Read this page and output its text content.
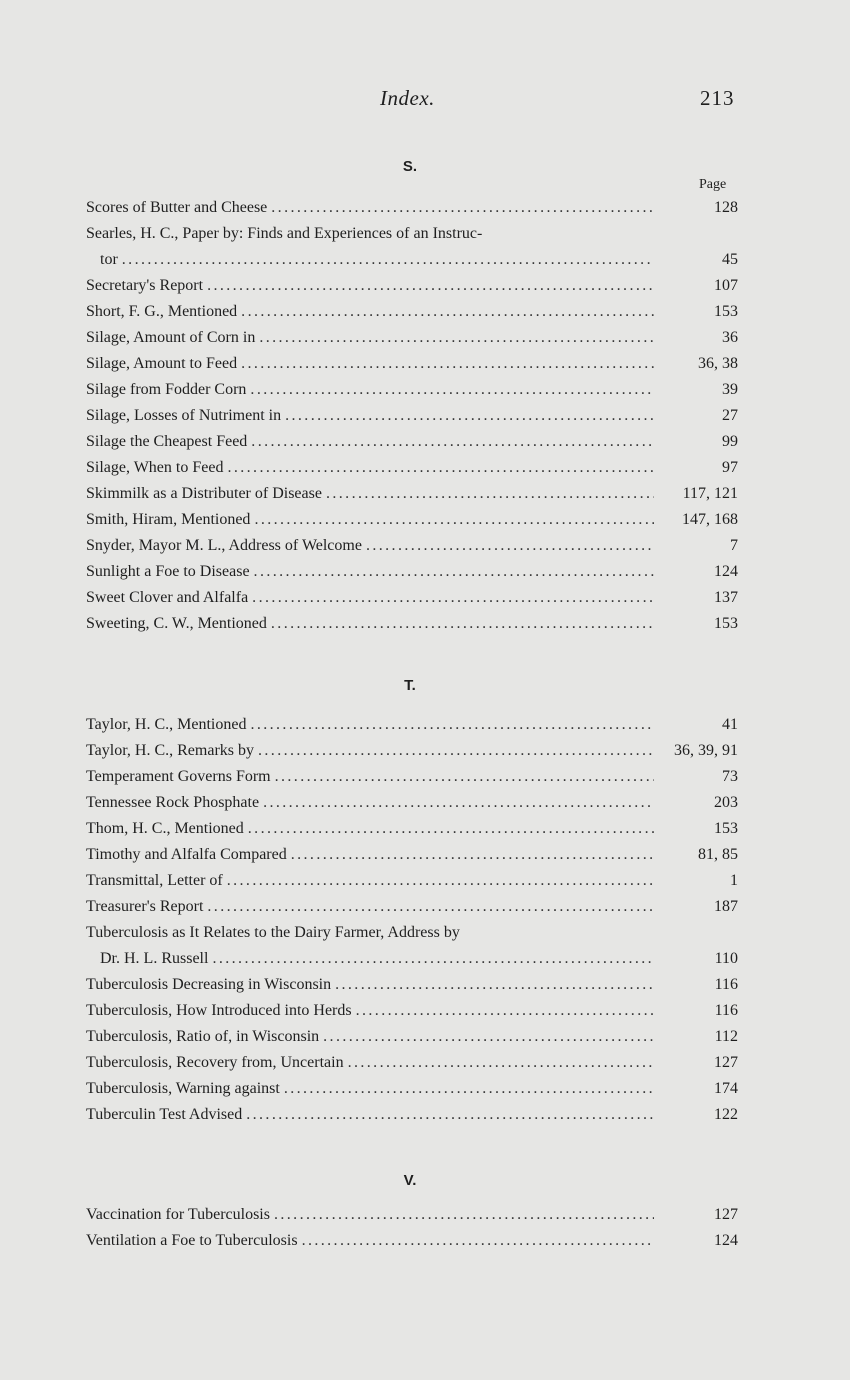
Index.	213
S.
Page
Scores of Butter and Cheese .....	128
Searles, H. C., Paper by: Finds and Experiences of an Instruc-
tor .....	45
Secretary's Report .....	107
Short, F. G., Mentioned .....	153
Silage, Amount of Corn in .....	36
Silage, Amount to Feed .....	36, 38
Silage from Fodder Corn .....	39
Silage, Losses of Nutriment in .....	27
Silage the Cheapest Feed .....	99
Silage, When to Feed .....	97
Skimmilk as a Distributer of Disease .....	117, 121
Smith, Hiram, Mentioned .....	147, 168
Snyder, Mayor M. L., Address of Welcome .....	7
Sunlight a Foe to Disease .....	124
Sweet Clover and Alfalfa .....	137
Sweeting, C. W., Mentioned .....	153
T.
Taylor, H. C., Mentioned .....	41
Taylor, H. C., Remarks by .....	36, 39, 91
Temperament Governs Form .....	73
Tennessee Rock Phosphate .....	203
Thom, H. C., Mentioned .....	153
Timothy and Alfalfa Compared .....	81, 85
Transmittal, Letter of .....	1
Treasurer's Report .....	187
Tuberculosis as It Relates to the Dairy Farmer, Address by
Dr. H. L. Russell .....	110
Tuberculosis Decreasing in Wisconsin .....	116
Tuberculosis, How Introduced into Herds .....	116
Tuberculosis, Ratio of, in Wisconsin .....	112
Tuberculosis, Recovery from, Uncertain .....	127
Tuberculosis, Warning against .....	174
Tuberculin Test Advised .....	122
V.
Vaccination for Tuberculosis .....	127
Ventilation a Foe to Tuberculosis .....	124
